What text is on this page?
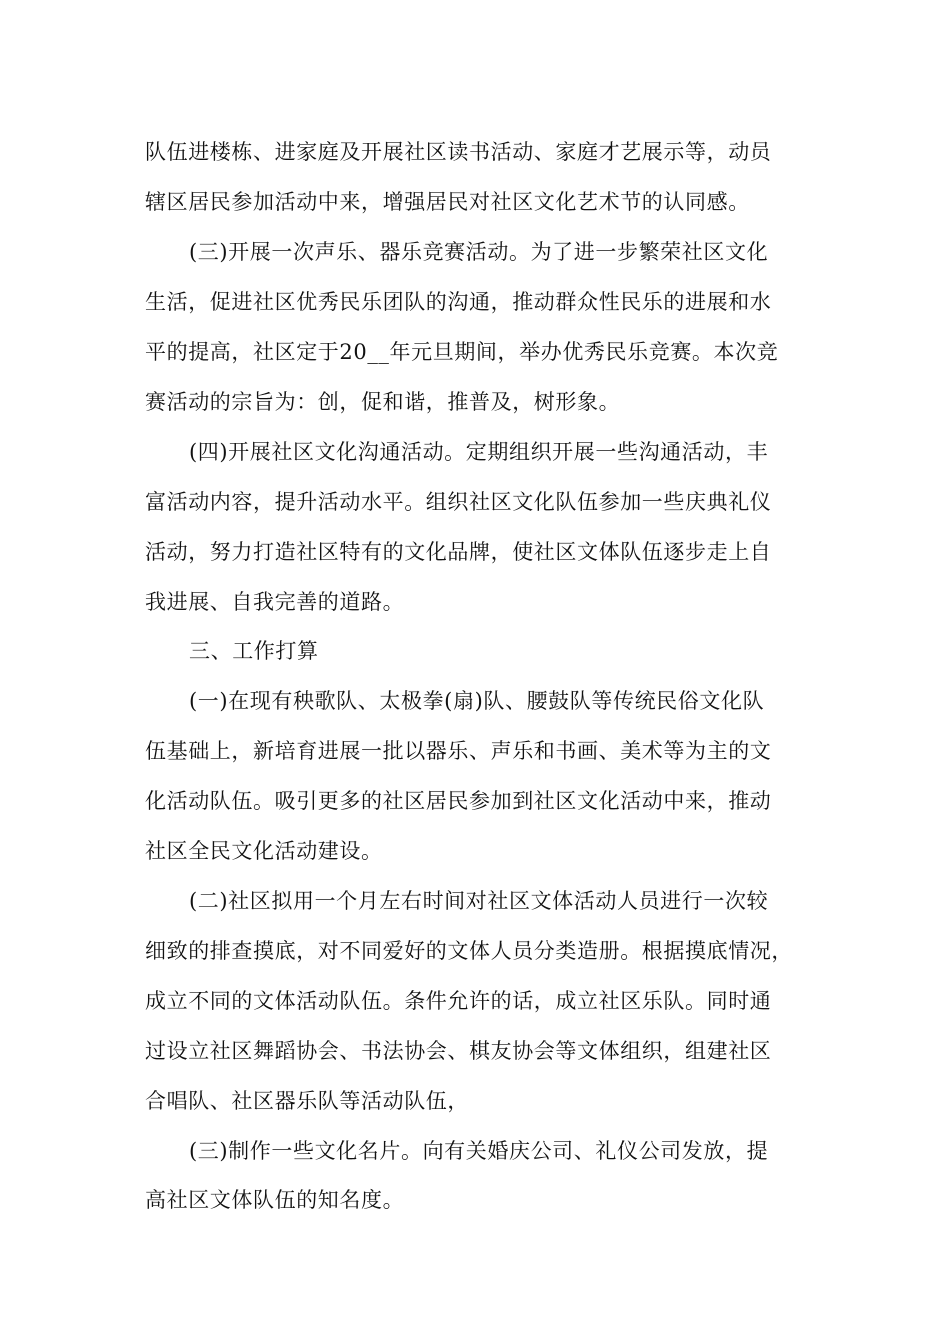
队伍进楼栋、进家庭及开展社区读书活动、家庭才艺展示等，动员
辖区居民参加活动中来，增强居民对社区文化艺术节的认同感。
(三)开展一次声乐、器乐竞赛活动。为了进一步繁荣社区文化
生活，促进社区优秀民乐团队的沟通，推动群众性民乐的进展和水
平的提高，社区定于20__年元旦期间，举办优秀民乐竞赛。本次竞
赛活动的宗旨为：创，促和谐，推普及，树形象。
(四)开展社区文化沟通活动。定期组织开展一些沟通活动，丰
富活动内容，提升活动水平。组织社区文化队伍参加一些庆典礼仪
活动，努力打造社区特有的文化品牌，使社区文体队伍逐步走上自
我进展、自我完善的道路。
三、工作打算
(一)在现有秧歌队、太极拳(扇)队、腰鼓队等传统民俗文化队
伍基础上，新培育进展一批以器乐、声乐和书画、美术等为主的文
化活动队伍。吸引更多的社区居民参加到社区文化活动中来，推动
社区全民文化活动建设。
(二)社区拟用一个月左右时间对社区文体活动人员进行一次较
细致的排查摸底，对不同爱好的文体人员分类造册。根据摸底情况，
成立不同的文体活动队伍。条件允许的话，成立社区乐队。同时通
过设立社区舞蹈协会、书法协会、棋友协会等文体组织，组建社区
合唱队、社区器乐队等活动队伍，
(三)制作一些文化名片。向有关婚庆公司、礼仪公司发放，提
高社区文体队伍的知名度。
